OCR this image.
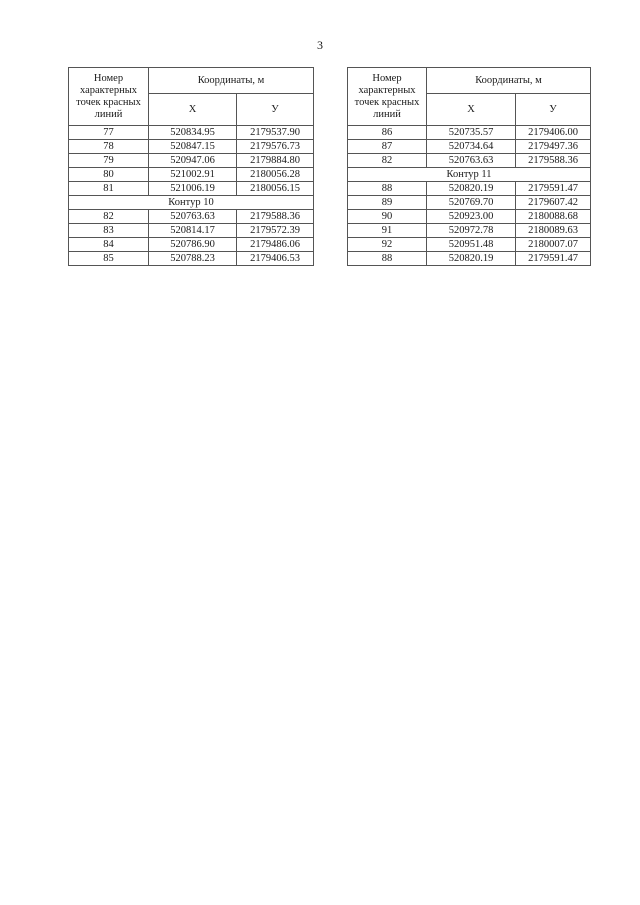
3
Номер характерных точек красных линий	Координаты, м	
	X	У
77	520834.95	2179537.90
78	520847.15	2179576.73
79	520947.06	2179884.80
80	521002.91	2180056.28
81	521006.19	2180056.15
Контур 10		
82	520763.63	2179588.36
83	520814.17	2179572.39
84	520786.90	2179486.06
85	520788.23	2179406.53
Номер характерных точек красных линий	Координаты, м	
	X	У
86	520735.57	2179406.00
87	520734.64	2179497.36
82	520763.63	2179588.36
Контур 11		
88	520820.19	2179591.47
89	520769.70	2179607.42
90	520923.00	2180088.68
91	520972.78	2180089.63
92	520951.48	2180007.07
88	520820.19	2179591.47
